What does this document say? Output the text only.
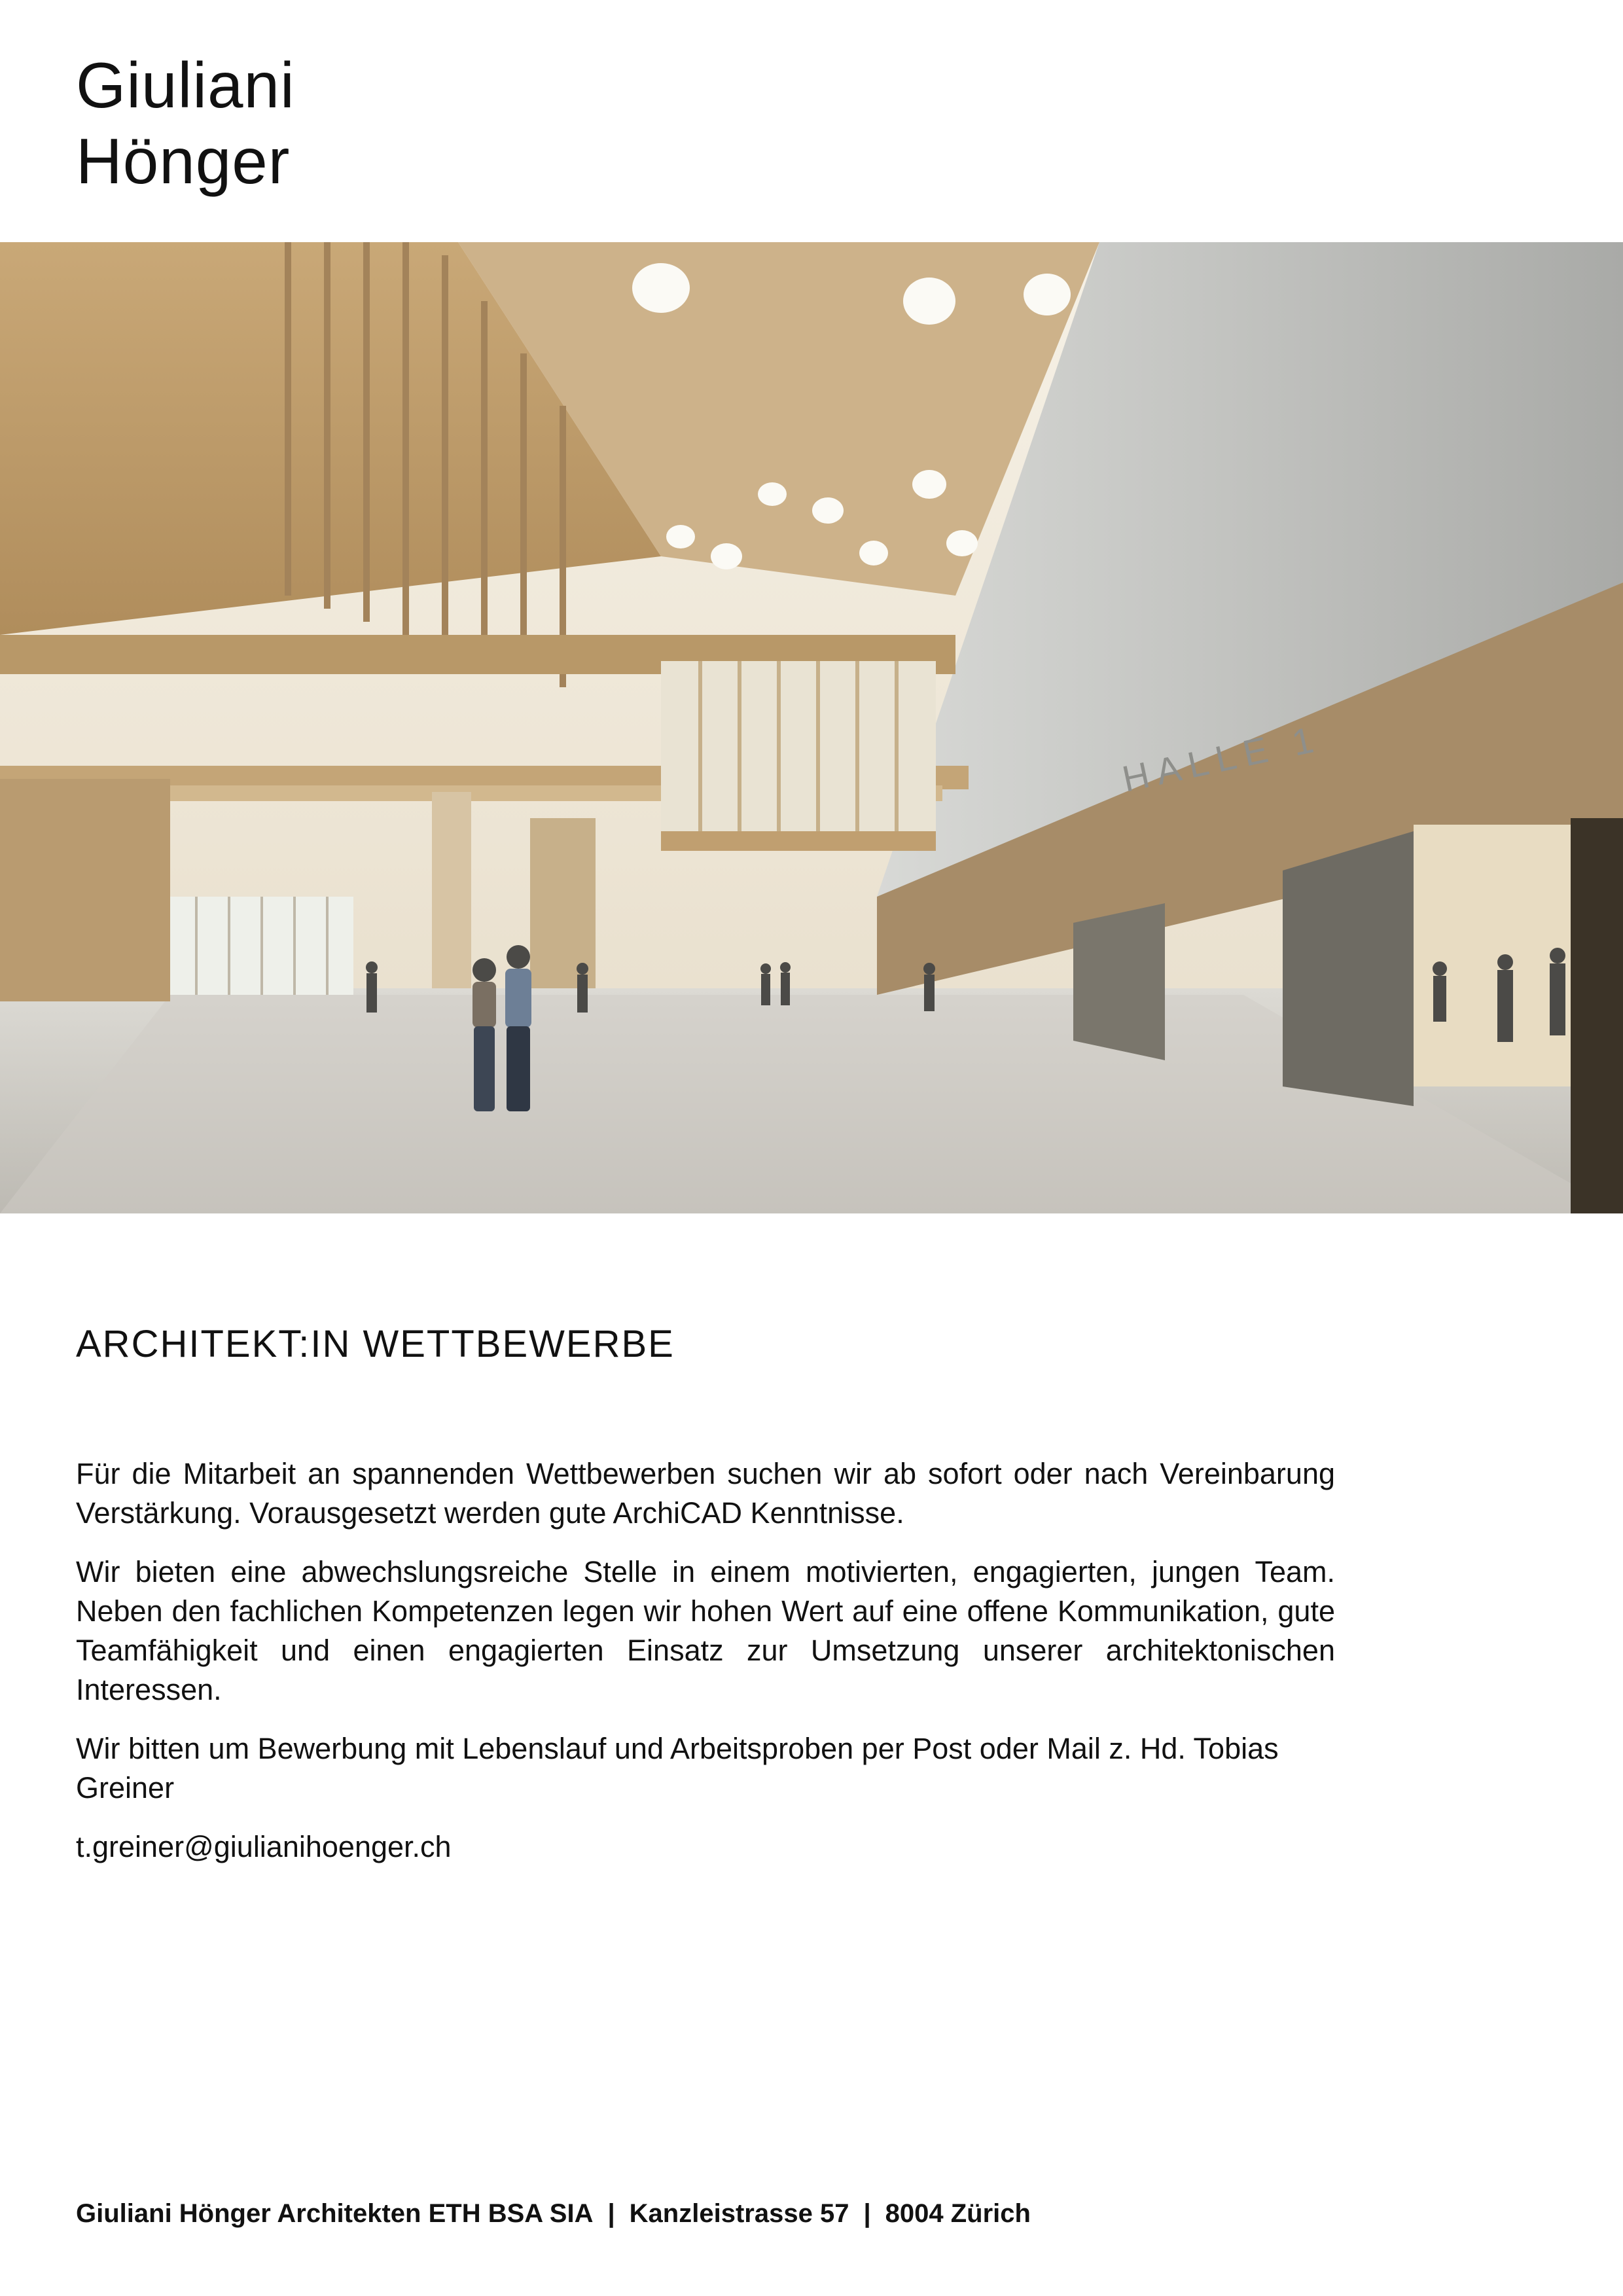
Giuliani
Hönger
HALLE 1
ARCHITEKT:IN WETTBEWERBE

Für die Mitarbeit an spannenden Wettbewerben suchen wir ab sofort oder nach Vereinbarung Verstärkung. Vorausgesetzt werden gute ArchiCAD Kenntnisse.

Wir bieten eine abwechslungsreiche Stelle in einem motivierten, engagierten, jungen Team. Neben den fachlichen Kompetenzen legen wir hohen Wert auf eine offene Kommunikation, gute Teamfähigkeit und einen engagierten Einsatz zur Umsetzung unserer architektonischen Interessen.

Wir bitten um Bewerbung mit Lebenslauf und Arbeitsproben per Post oder Mail z. Hd. Tobias Greiner

t.greiner@giulianihoenger.ch

Giuliani Hönger Architekten ETH BSA SIA | Kanzleistrasse 57 | 8004 Zürich
